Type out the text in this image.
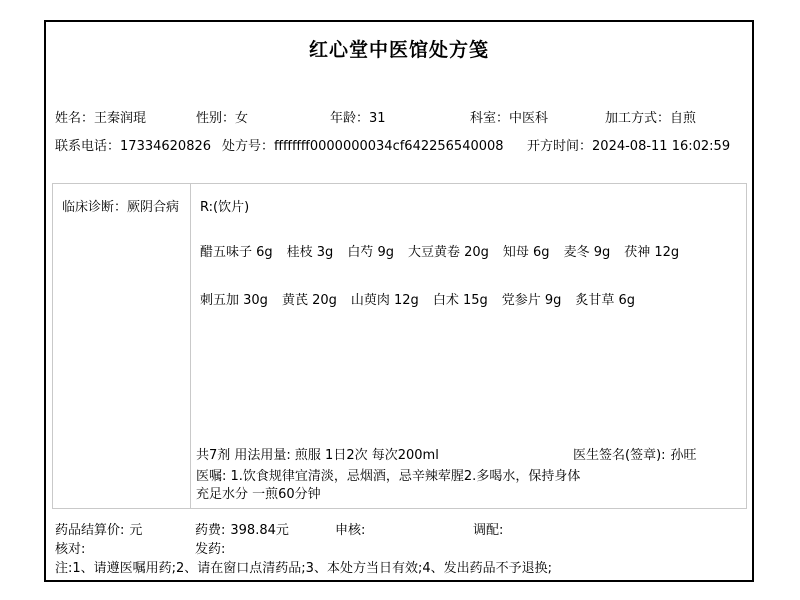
红心堂中医馆处方笺
姓名：王秦润琨	性别：女	年龄：31	科室：中医科	加工方式：自煎
联系电话：17334620826 处方号：ffffffff0000000034cf642256540008 开方时间：2024-08-11 16:02:59
临床诊断：厥阴合病 R:(饮片)
醋五味子 6g 桂枝 3g 白芍 9g 大豆黄卷 20g 知母 6g 麦冬 9g 茯神 12g
刺五加 30g 黄芪 20g 山萸肉 12g 白术 15g 党参片 9g 炙甘草 6g
共7剂 用法用量: 煎服 1日2次 每次200ml	医生签名(签章): 孙旺
医嘱: 1.饮食规律宜清淡，忌烟酒，忌辛辣荤腥2.多喝水，保持身体
充足水分 一煎60分钟
药品结算价: 元	药费: 398.84元	申核:	调配:
核对:	发药:
注:1、请遵医嘱用药;2、请在窗口点清药品;3、本处方当日有效;4、发出药品不予退换;
